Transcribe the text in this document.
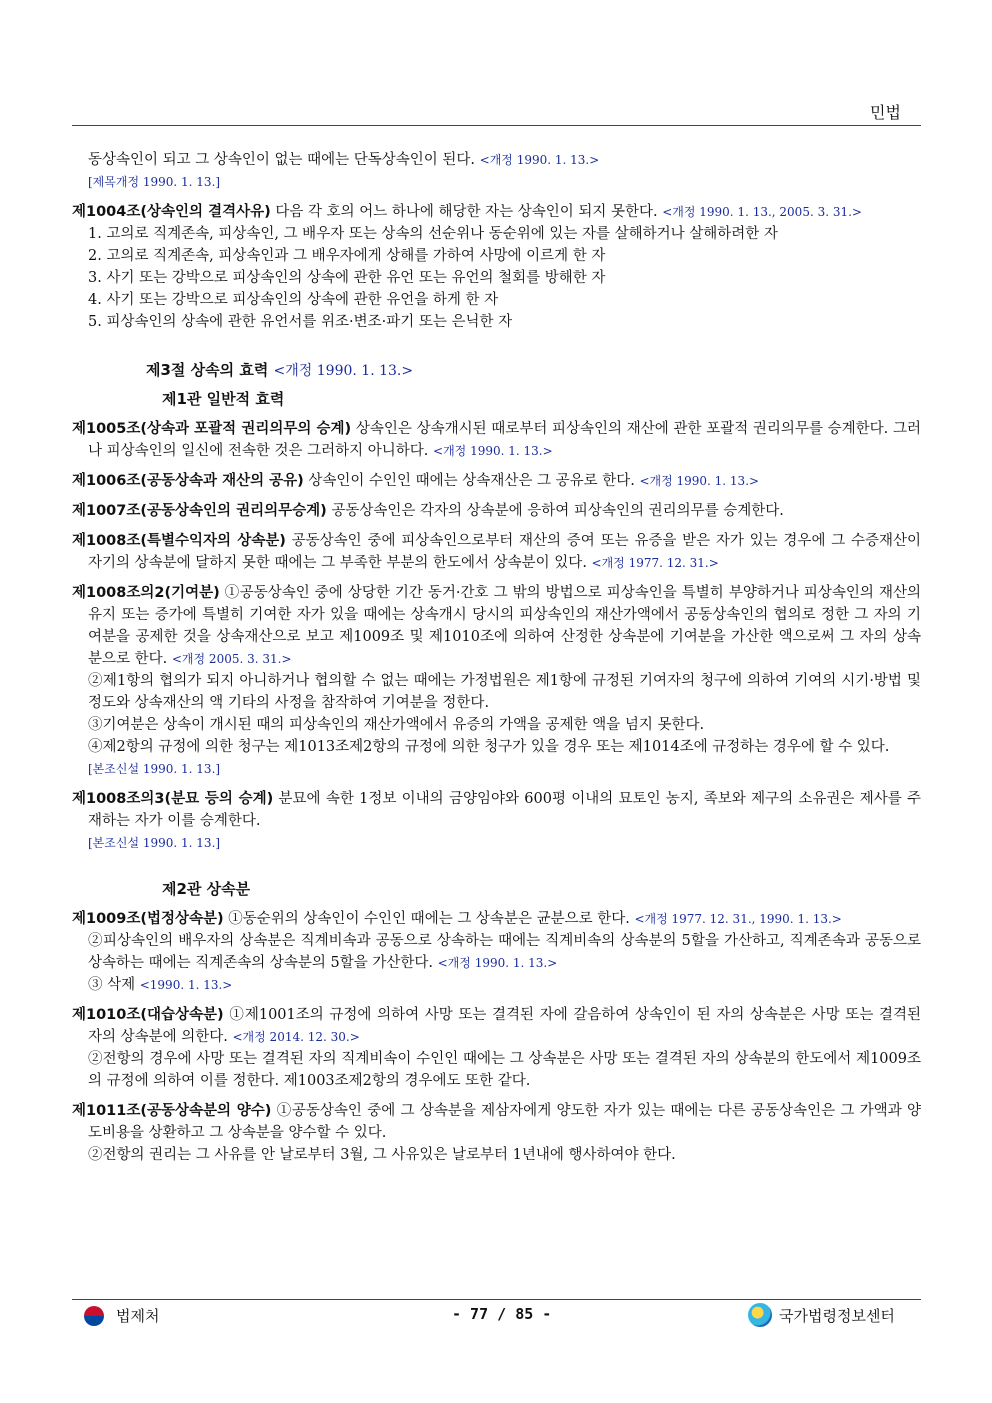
민법

동상속인이 되고 그 상속인이 없는 때에는 단독상속인이 된다. <개정 1990. 1. 13.>

[제목개정 1990. 1. 13.]

제1004조(상속인의 결격사유) 다음 각 호의 어느 하나에 해당한 자는 상속인이 되지 못한다. <개정 1990. 1. 13., 2005. 3. 31.>

1. 고의로 직계존속, 피상속인, 그 배우자 또는 상속의 선순위나 동순위에 있는 자를 살해하거나 살해하려한 자

2. 고의로 직계존속, 피상속인과 그 배우자에게 상해를 가하여 사망에 이르게 한 자

3. 사기 또는 강박으로 피상속인의 상속에 관한 유언 또는 유언의 철회를 방해한 자

4. 사기 또는 강박으로 피상속인의 상속에 관한 유언을 하게 한 자

5. 피상속인의 상속에 관한 유언서를 위조·변조·파기 또는 은닉한 자

제3절 상속의 효력 <개정 1990. 1. 13.>

제1관 일반적 효력

제1005조(상속과 포괄적 권리의무의 승계) 상속인은 상속개시된 때로부터 피상속인의 재산에 관한 포괄적 권리의무를 승계한다. 그러나 피상속인의 일신에 전속한 것은 그러하지 아니하다. <개정 1990. 1. 13.>

제1006조(공동상속과 재산의 공유) 상속인이 수인인 때에는 상속재산은 그 공유로 한다. <개정 1990. 1. 13.>

제1007조(공동상속인의 권리의무승계) 공동상속인은 각자의 상속분에 응하여 피상속인의 권리의무를 승계한다.

제1008조(특별수익자의 상속분) 공동상속인 중에 피상속인으로부터 재산의 증여 또는 유증을 받은 자가 있는 경우에 그 수증재산이 자기의 상속분에 달하지 못한 때에는 그 부족한 부분의 한도에서 상속분이 있다. <개정 1977. 12. 31.>

제1008조의2(기여분) ①공동상속인 중에 상당한 기간 동거·간호 그 밖의 방법으로 피상속인을 특별히 부양하거나 피상속인의 재산의 유지 또는 증가에 특별히 기여한 자가 있을 때에는 상속개시 당시의 피상속인의 재산가액에서 공동상속인의 협의로 정한 그 자의 기여분을 공제한 것을 상속재산으로 보고 제1009조 및 제1010조에 의하여 산정한 상속분에 기여분을 가산한 액으로써 그 자의 상속분으로 한다. <개정 2005. 3. 31.>

②제1항의 협의가 되지 아니하거나 협의할 수 없는 때에는 가정법원은 제1항에 규정된 기여자의 청구에 의하여 기여의 시기·방법 및 정도와 상속재산의 액 기타의 사정을 참작하여 기여분을 정한다.

③기여분은 상속이 개시된 때의 피상속인의 재산가액에서 유증의 가액을 공제한 액을 넘지 못한다.

④제2항의 규정에 의한 청구는 제1013조제2항의 규정에 의한 청구가 있을 경우 또는 제1014조에 규정하는 경우에 할 수 있다.

[본조신설 1990. 1. 13.]

제1008조의3(분묘 등의 승계) 분묘에 속한 1정보 이내의 금양임야와 600평 이내의 묘토인 농지, 족보와 제구의 소유권은 제사를 주재하는 자가 이를 승계한다.

[본조신설 1990. 1. 13.]

제2관 상속분

제1009조(법정상속분) ①동순위의 상속인이 수인인 때에는 그 상속분은 균분으로 한다. <개정 1977. 12. 31., 1990. 1. 13.>

②피상속인의 배우자의 상속분은 직계비속과 공동으로 상속하는 때에는 직계비속의 상속분의 5할을 가산하고, 직계존속과 공동으로 상속하는 때에는 직계존속의 상속분의 5할을 가산한다. <개정 1990. 1. 13.>

③ 삭제 <1990. 1. 13.>

제1010조(대습상속분) ①제1001조의 규정에 의하여 사망 또는 결격된 자에 갈음하여 상속인이 된 자의 상속분은 사망 또는 결격된 자의 상속분에 의한다. <개정 2014. 12. 30.>

②전항의 경우에 사망 또는 결격된 자의 직계비속이 수인인 때에는 그 상속분은 사망 또는 결격된 자의 상속분의 한도에서 제1009조의 규정에 의하여 이를 정한다. 제1003조제2항의 경우에도 또한 같다.

제1011조(공동상속분의 양수) ①공동상속인 중에 그 상속분을 제삼자에게 양도한 자가 있는 때에는 다른 공동상속인은 그 가액과 양도비용을 상환하고 그 상속분을 양수할 수 있다.

②전항의 권리는 그 사유를 안 날로부터 3월, 그 사유있은 날로부터 1년내에 행사하여야 한다.

법제처	- 77 / 85 -	국가법령정보센터
